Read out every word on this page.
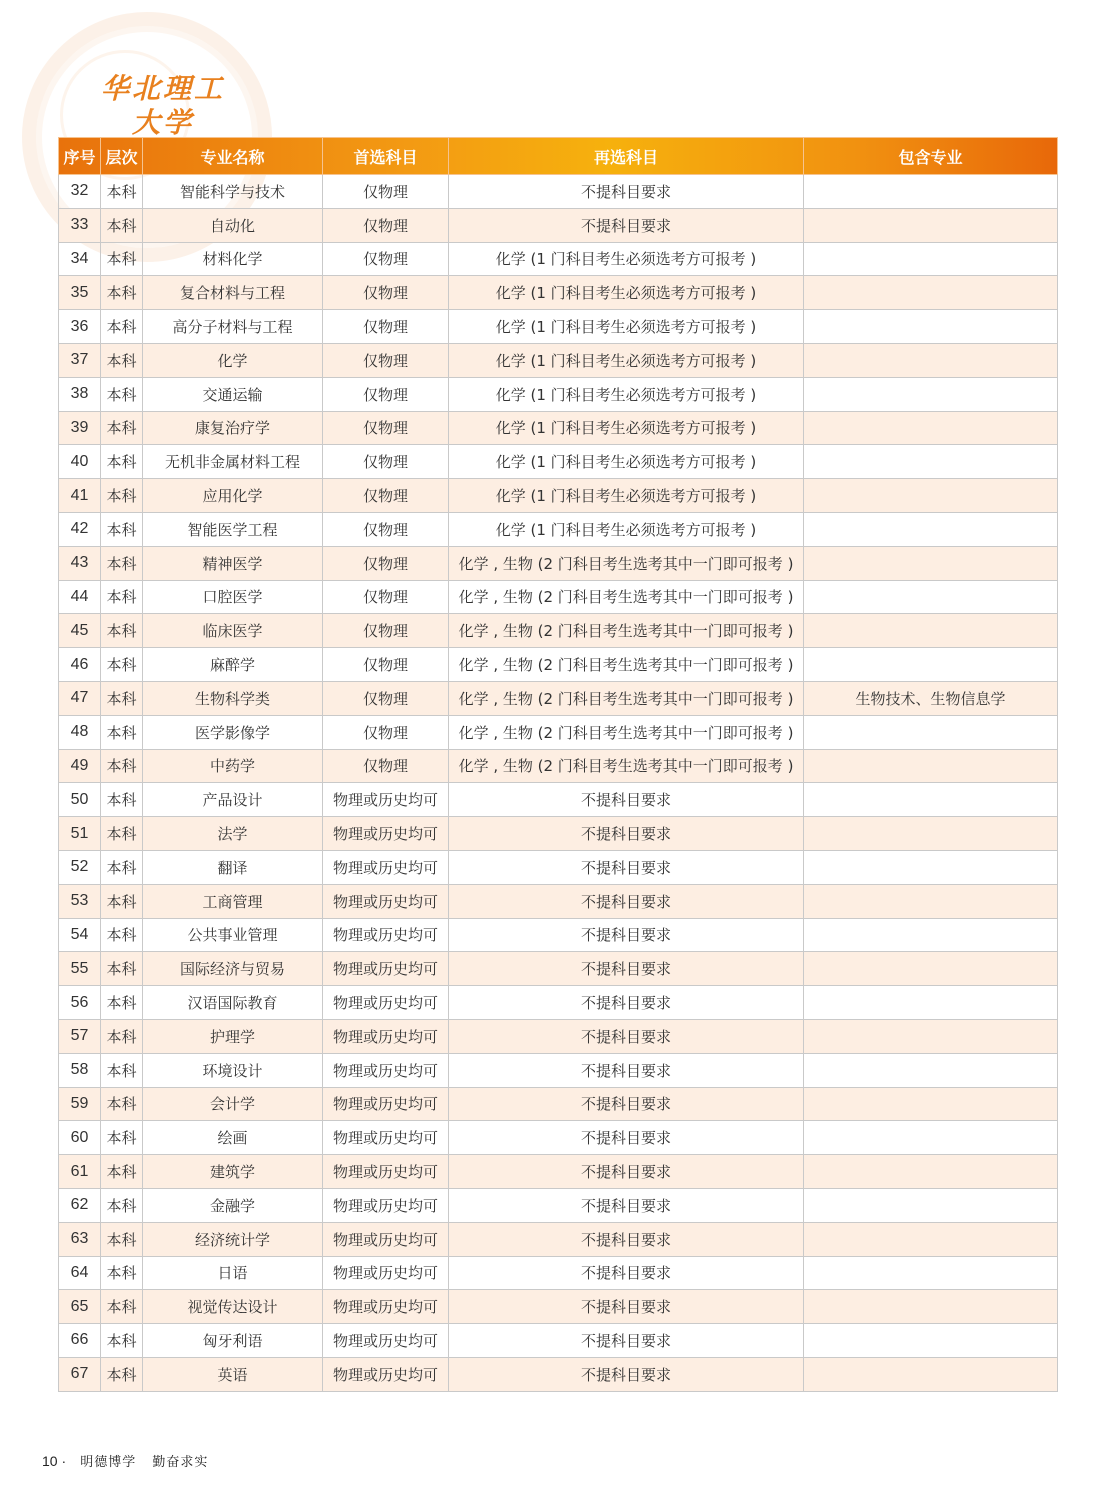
华北理工大学
NORTH CHINA UNIVERSITY OF SCIENCE AND TECHNOLOGY
序号	层次	专业名称	首选科目	再选科目	包含专业
32	本科	智能科学与技术	仅物理	不提科目要求	
33	本科	自动化	仅物理	不提科目要求	
34	本科	材料化学	仅物理	化学 (1 门科目考生必须选考方可报考 )	
35	本科	复合材料与工程	仅物理	化学 (1 门科目考生必须选考方可报考 )	
36	本科	高分子材料与工程	仅物理	化学 (1 门科目考生必须选考方可报考 )	
37	本科	化学	仅物理	化学 (1 门科目考生必须选考方可报考 )	
38	本科	交通运输	仅物理	化学 (1 门科目考生必须选考方可报考 )	
39	本科	康复治疗学	仅物理	化学 (1 门科目考生必须选考方可报考 )	
40	本科	无机非金属材料工程	仅物理	化学 (1 门科目考生必须选考方可报考 )	
41	本科	应用化学	仅物理	化学 (1 门科目考生必须选考方可报考 )	
42	本科	智能医学工程	仅物理	化学 (1 门科目考生必须选考方可报考 )	
43	本科	精神医学	仅物理	化学 , 生物 (2 门科目考生选考其中一门即可报考 )	
44	本科	口腔医学	仅物理	化学 , 生物 (2 门科目考生选考其中一门即可报考 )	
45	本科	临床医学	仅物理	化学 , 生物 (2 门科目考生选考其中一门即可报考 )	
46	本科	麻醉学	仅物理	化学 , 生物 (2 门科目考生选考其中一门即可报考 )	
47	本科	生物科学类	仅物理	化学 , 生物 (2 门科目考生选考其中一门即可报考 )	生物技术、生物信息学
48	本科	医学影像学	仅物理	化学 , 生物 (2 门科目考生选考其中一门即可报考 )	
49	本科	中药学	仅物理	化学 , 生物 (2 门科目考生选考其中一门即可报考 )	
50	本科	产品设计	物理或历史均可	不提科目要求	
51	本科	法学	物理或历史均可	不提科目要求	
52	本科	翻译	物理或历史均可	不提科目要求	
53	本科	工商管理	物理或历史均可	不提科目要求	
54	本科	公共事业管理	物理或历史均可	不提科目要求	
55	本科	国际经济与贸易	物理或历史均可	不提科目要求	
56	本科	汉语国际教育	物理或历史均可	不提科目要求	
57	本科	护理学	物理或历史均可	不提科目要求	
58	本科	环境设计	物理或历史均可	不提科目要求	
59	本科	会计学	物理或历史均可	不提科目要求	
60	本科	绘画	物理或历史均可	不提科目要求	
61	本科	建筑学	物理或历史均可	不提科目要求	
62	本科	金融学	物理或历史均可	不提科目要求	
63	本科	经济统计学	物理或历史均可	不提科目要求	
64	本科	日语	物理或历史均可	不提科目要求	
65	本科	视觉传达设计	物理或历史均可	不提科目要求	
66	本科	匈牙利语	物理或历史均可	不提科目要求	
67	本科	英语	物理或历史均可	不提科目要求	
10 · 明德博学 勤奋求实
